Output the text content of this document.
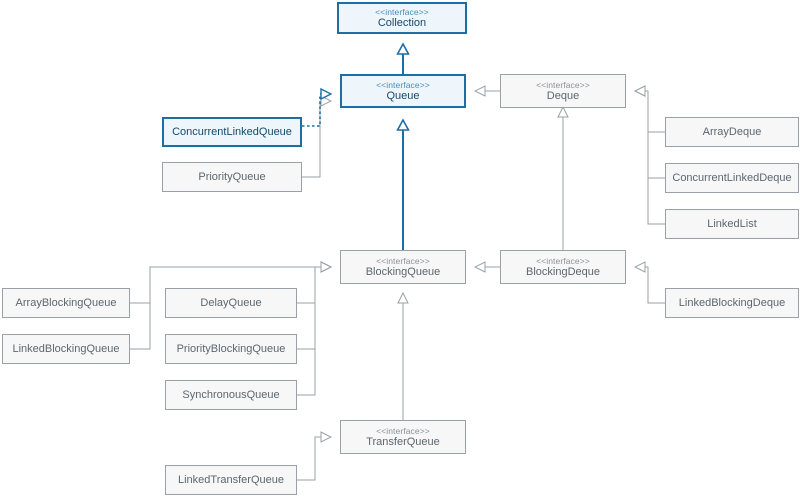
<<interface>>
Collection
<<interface>>
Queue
<<interface>>
Deque
ConcurrentLinkedQueue
PriorityQueue
ArrayDeque
ConcurrentLinkedDeque
LinkedList
<<interface>>
BlockingQueue
<<interface>>
BlockingDeque
ArrayBlockingQueue
LinkedBlockingQueue
DelayQueue
PriorityBlockingQueue
SynchronousQueue
LinkedBlockingDeque
<<interface>>
TransferQueue
LinkedTransferQueue
